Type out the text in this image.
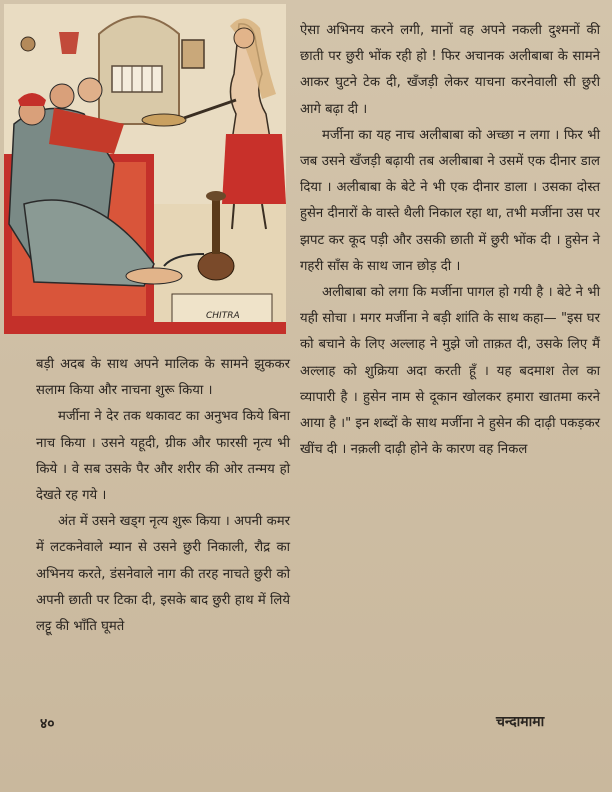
CHITRA

ऐसा अभिनय करने लगी, मानों वह अपने नकली दुश्मनों की छाती पर छुरी भोंक रही हो ! फिर अचानक अलीबाबा के सामने आकर घुटने टेक दी, खँजड़ी लेकर याचना करनेवाली सी छुरी आगे बढ़ा दी ।

मर्जीना का यह नाच अलीबाबा को अच्छा न लगा । फिर भी जब उसने खँजड़ी बढ़ायी तब अलीबाबा ने उसमें एक दीनार डाल दिया । अलीबाबा के बेटे ने भी एक दीनार डाला । उसका दोस्त हुसेन दीनारों के वास्ते थैली निकाल रहा था, तभी मर्जीना उस पर झपट कर कूद पड़ी और उसकी छाती में छुरी भोंक दी । हुसेन ने गहरी साँस के साथ जान छोड़ दी ।

अलीबाबा को लगा कि मर्जीना पागल हो गयी है । बेटे ने भी यही सोचा । मगर मर्जीना ने बड़ी शांति के साथ कहा— "इस घर को बचाने के लिए अल्लाह ने मुझे जो ताक़त दी, उसके लिए मैं अल्लाह को शुक्रिया अदा करती हूँ । यह बदमाश तेल का व्यापारी है । हुसेन नाम से दूकान खोलकर हमारा खातमा करने आया है ।" इन शब्दों के साथ मर्जीना ने हुसेन की दाढ़ी पकड़कर खींच दी । नक़ली दाढ़ी होने के कारण वह निकल

बड़ी अदब के साथ अपने मालिक के सामने झुककर सलाम किया और नाचना शुरू किया ।

मर्जीना ने देर तक थकावट का अनुभव किये बिना नाच किया । उसने यहूदी, ग्रीक और फारसी नृत्य भी किये । वे सब उसके पैर और शरीर की ओर तन्मय हो देखते रह गये ।

अंत में उसने खड्ग नृत्य शुरू किया । अपनी कमर में लटकनेवाले म्यान से उसने छुरी निकाली, रौद्र का अभिनय करते, डंसनेवाले नाग की तरह नाचते छुरी को अपनी छाती पर टिका दी, इसके बाद छुरी हाथ में लिये लट्टू की भाँति घूमते

४०	चन्दामामा
